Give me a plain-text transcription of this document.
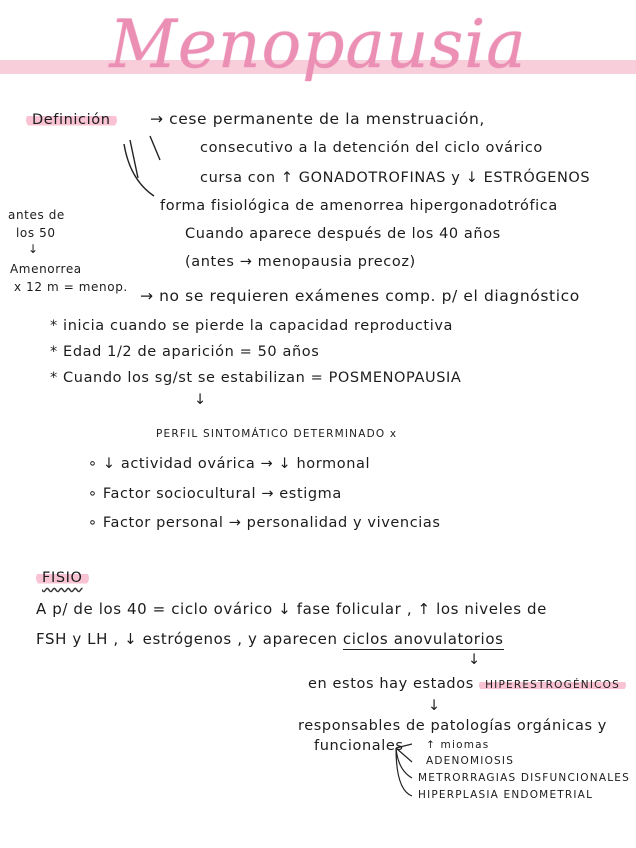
Menopausia
Definición	→ cese permanente de la menstruación,
consecutivo a la detención del ciclo ovárico
cursa con ↑ GONADOTROFINAS y ↓ ESTRÓGENOS
forma fisiológica de amenorrea hipergonadotrófica
Cuando aparece después de los 40 años
(antes → menopausia precoz)
antes de
los 50
↓
Amenorrea
x 12 m = menop. → no se requieren exámenes comp. p/ el diagnóstico
* inicia cuando se pierde la capacidad reproductiva
* Edad 1/2 de aparición = 50 años
* Cuando los sg/st se estabilizan = POSMENOPAUSIA
↓
PERFIL SINTOMÁTICO DETERMINADO x
∘ ↓ actividad ovárica → ↓ hormonal
∘ Factor sociocultural → estigma
∘ Factor personal → personalidad y vivencias
FISIO
A p/ de los 40 = ciclo ovárico ↓ fase folicular , ↑ los niveles de
FSH y LH , ↓ estrógenos , y aparecen ciclos anovulatorios
↓
en estos hay estados HIPERESTROGÉNICOS
↓
responsables de patologías orgánicas y
funcionales ↑ miomas
ADENOMIOSIS
METRORRAGIAS DISFUNCIONALES
HIPERPLASIA ENDOMETRIAL
